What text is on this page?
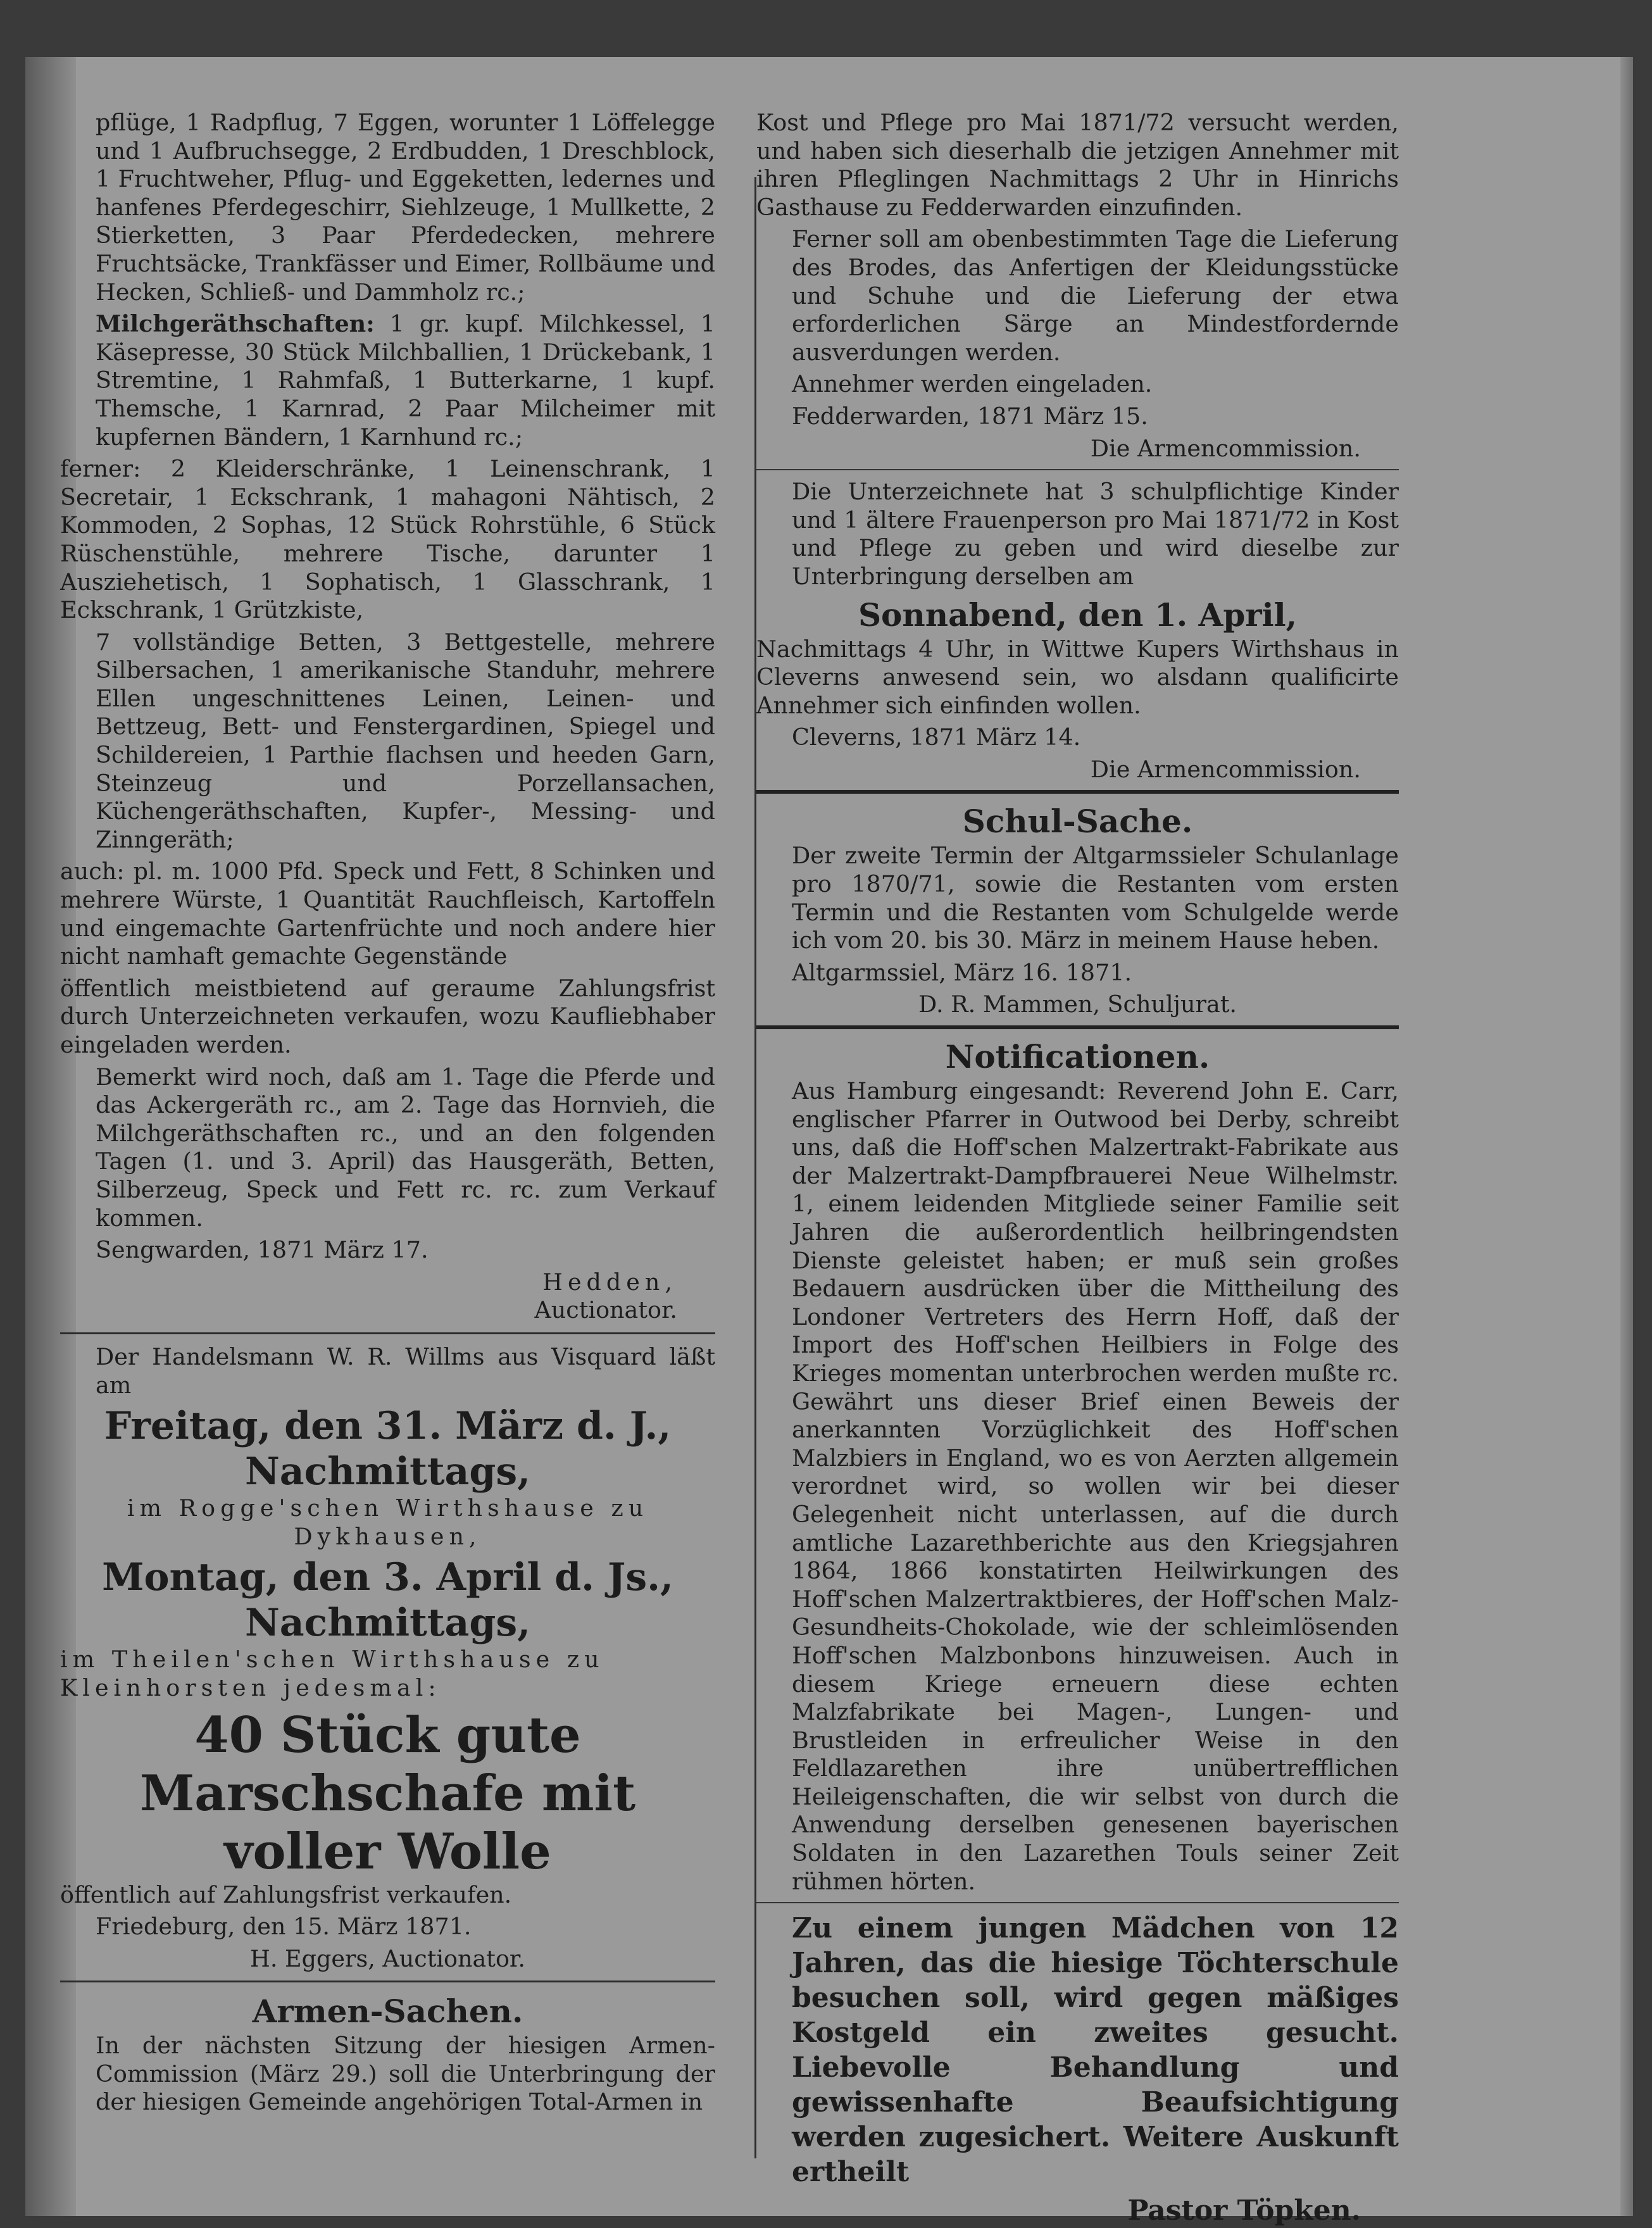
pflüge, 1 Radpflug, 7 Eggen, worunter 1 Löffelegge und 1 Aufbruchsegge, 2 Erdbudden, 1 Dreschblock, 1 Fruchtweher, Pflug- und Eggeketten, ledernes und hanfenes Pferdegeschirr, Siehlzeuge, 1 Mullkette, 2 Stierketten, 3 Paar Pferdedecken, mehrere Fruchtsäcke, Trankfässer und Eimer, Rollbäume und Hecken, Schließ- und Dammholz rc.;
Milchgeräthschaften: 1 gr. kupf. Milchkessel, 1 Käsepresse, 30 Stück Milchballien, 1 Drückebank, 1 Stremtine, 1 Rahmfaß, 1 Butterkarne, 1 kupf. Themsche, 1 Karnrad, 2 Paar Milcheimer mit kupfernen Bändern, 1 Karnhund rc.;
ferner: 2 Kleiderschränke, 1 Leinenschrank, 1 Secretair, 1 Eckschrank, 1 mahagoni Nähtisch, 2 Kommoden, 2 Sophas, 12 Stück Rohrstühle, 6 Stück Rüschenstühle, mehrere Tische, darunter 1 Ausziehetisch, 1 Sophatisch, 1 Glasschrank, 1 Eckschrank, 1 Grützkiste,
7 vollständige Betten, 3 Bettgestelle, mehrere Silbersachen, 1 amerikanische Standuhr, mehrere Ellen ungeschnittenes Leinen, Leinen- und Bettzeug, Bett- und Fenstergardinen, Spiegel und Schildereien, 1 Parthie flachsen und heeden Garn, Steinzeug und Porzellansachen, Küchengeräthschaften, Kupfer-, Messing- und Zinngeräth;
auch: pl. m. 1000 Pfd. Speck und Fett, 8 Schinken und mehrere Würste, 1 Quantität Rauchfleisch, Kartoffeln und eingemachte Gartenfrüchte und noch andere hier nicht namhaft gemachte Gegenstände
öffentlich meistbietend auf geraume Zahlungsfrist durch Unterzeichneten verkaufen, wozu Kaufliebhaber eingeladen werden.
Bemerkt wird noch, daß am 1. Tage die Pferde und das Ackergeräth rc., am 2. Tage das Hornvieh, die Milchgeräthschaften rc., und an den folgenden Tagen (1. und 3. April) das Hausgeräth, Betten, Silberzeug, Speck und Fett rc. rc. zum Verkauf kommen.
Sengwarden, 1871 März 17.
Hedden,
Auctionator.
Der Handelsmann W. R. Willms aus Visquard läßt am
Freitag, den 31. März d. J.,
Nachmittags,
im Rogge'schen Wirthshause zu Dykhausen,
Montag, den 3. April d. Js.,
Nachmittags,
im Theilen'schen Wirthshause zu Kleinhorsten jedesmal:
40 Stück gute Marschschafe mit voller Wolle
öffentlich auf Zahlungsfrist verkaufen.
Friedeburg, den 15. März 1871.
H. Eggers, Auctionator.
Armen-Sachen.
In der nächsten Sitzung der hiesigen Armen-Commission (März 29.) soll die Unterbringung der der hiesigen Gemeinde angehörigen Total-Armen in
Kost und Pflege pro Mai 1871/72 versucht werden, und haben sich dieserhalb die jetzigen Annehmer mit ihren Pfleglingen Nachmittags 2 Uhr in Hinrichs Gasthause zu Fedderwarden einzufinden.
Ferner soll am obenbestimmten Tage die Lieferung des Brodes, das Anfertigen der Kleidungsstücke und Schuhe und die Lieferung der etwa erforderlichen Särge an Mindestfordernde ausverdungen werden.
Annehmer werden eingeladen.
Fedderwarden, 1871 März 15.
Die Armencommission.
Die Unterzeichnete hat 3 schulpflichtige Kinder und 1 ältere Frauenperson pro Mai 1871/72 in Kost und Pflege zu geben und wird dieselbe zur Unterbringung derselben am
Sonnabend, den 1. April,
Nachmittags 4 Uhr, in Wittwe Kupers Wirthshaus in Cleverns anwesend sein, wo alsdann qualificirte Annehmer sich einfinden wollen.
Cleverns, 1871 März 14.
Die Armencommission.
Schul-Sache.
Der zweite Termin der Altgarmssieler Schulanlage pro 1870/71, sowie die Restanten vom ersten Termin und die Restanten vom Schulgelde werde ich vom 20. bis 30. März in meinem Hause heben.
Altgarmssiel, März 16. 1871.
D. R. Mammen, Schuljurat.
Notificationen.
Aus Hamburg eingesandt: Reverend John E. Carr, englischer Pfarrer in Outwood bei Derby, schreibt uns, daß die Hoff'schen Malzertrakt-Fabrikate aus der Malzertrakt-Dampfbrauerei Neue Wilhelmstr. 1, einem leidenden Mitgliede seiner Familie seit Jahren die außerordentlich heilbringendsten Dienste geleistet haben; er muß sein großes Bedauern ausdrücken über die Mittheilung des Londoner Vertreters des Herrn Hoff, daß der Import des Hoff'schen Heilbiers in Folge des Krieges momentan unterbrochen werden mußte rc. Gewährt uns dieser Brief einen Beweis der anerkannten Vorzüglichkeit des Hoff'schen Malzbiers in England, wo es von Aerzten allgemein verordnet wird, so wollen wir bei dieser Gelegenheit nicht unterlassen, auf die durch amtliche Lazarethberichte aus den Kriegsjahren 1864, 1866 konstatirten Heilwirkungen des Hoff'schen Malzertraktbieres, der Hoff'schen Malz-Gesundheits-Chokolade, wie der schleimlösenden Hoff'schen Malzbonbons hinzuweisen. Auch in diesem Kriege erneuern diese echten Malzfabrikate bei Magen-, Lungen- und Brustleiden in erfreulicher Weise in den Feldlazarethen ihre unübertrefflichen Heileigenschaften, die wir selbst von durch die Anwendung derselben genesenen bayerischen Soldaten in den Lazarethen Touls seiner Zeit rühmen hörten.
Zu einem jungen Mädchen von 12 Jahren, das die hiesige Töchterschule besuchen soll, wird gegen mäßiges Kostgeld ein zweites gesucht. Liebevolle Behandlung und gewissenhafte Beaufsichtigung werden zugesichert. Weitere Auskunft ertheilt
Pastor Töpken.
